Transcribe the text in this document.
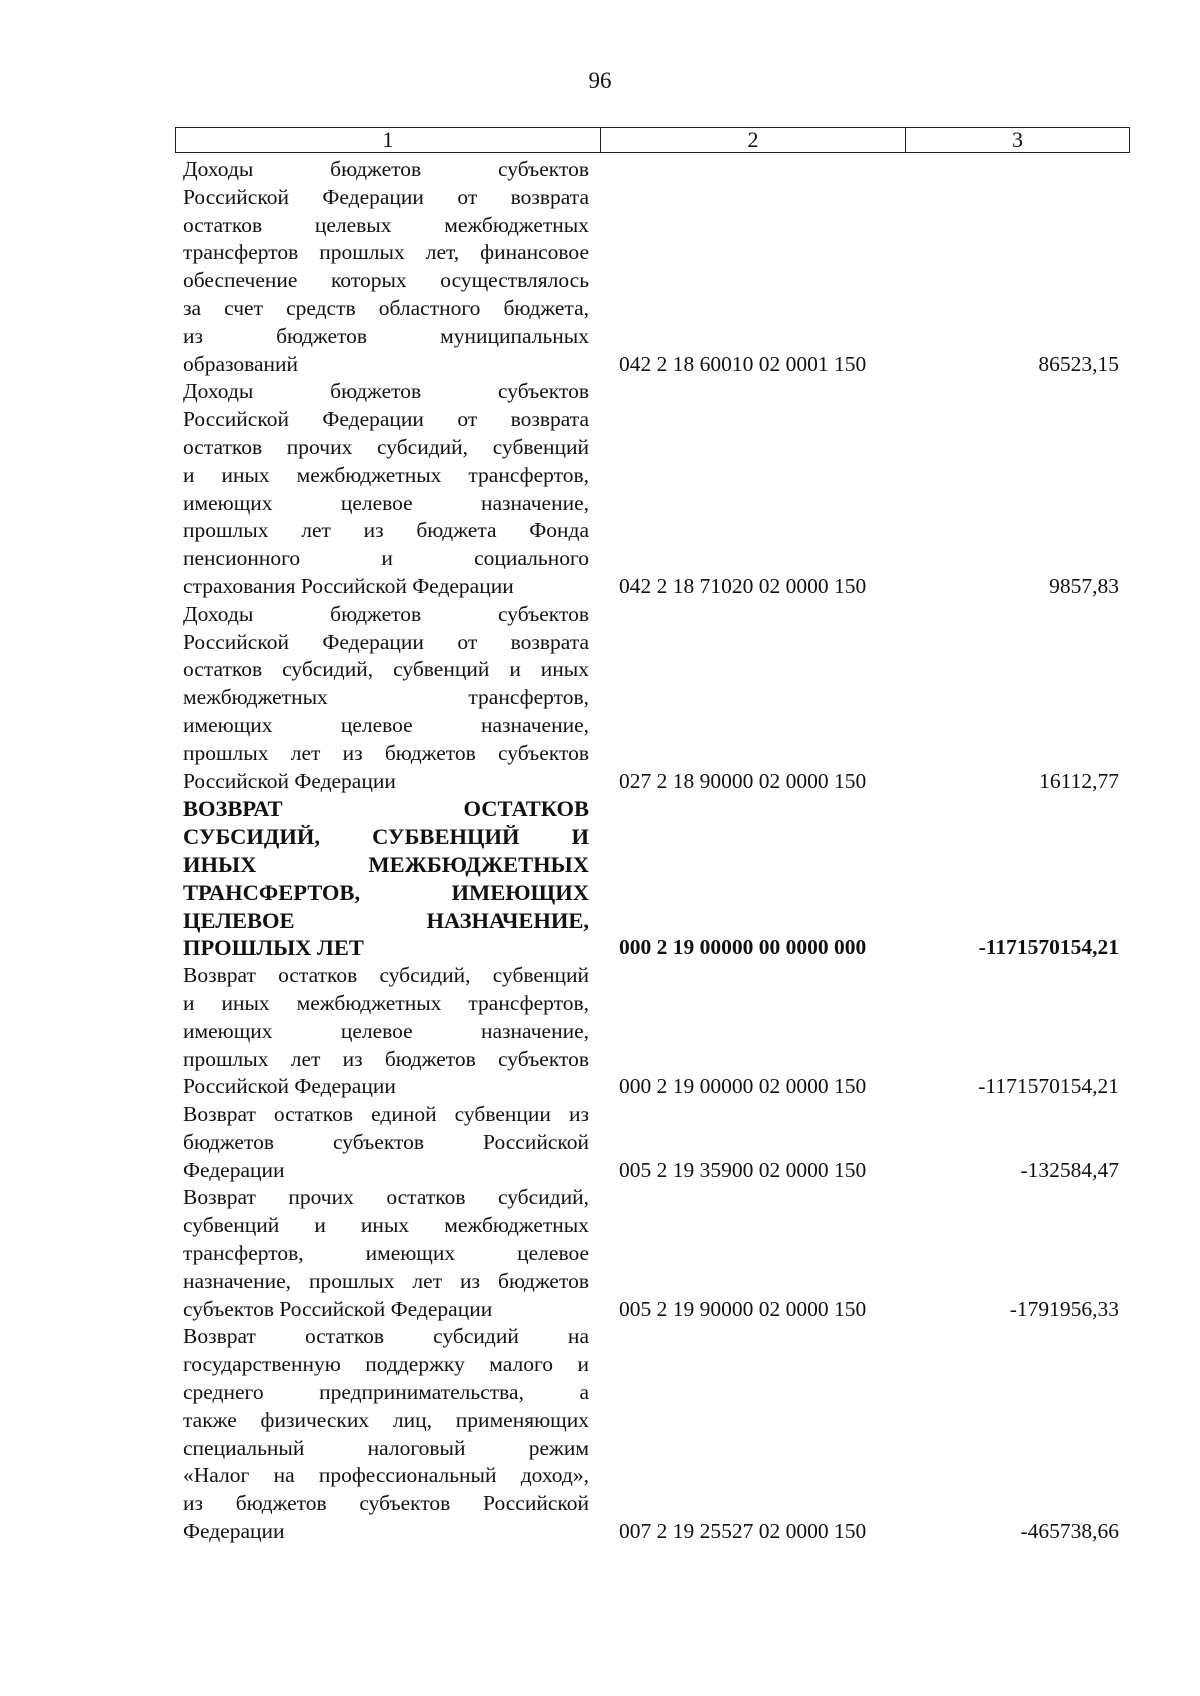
96
1	2	3
Доходы бюджетов субъектов
Российской Федерации от возврата
остатков целевых межбюджетных
трансфертов прошлых лет, финансовое
обеспечение которых осуществлялось
за счет средств областного бюджета,
из бюджетов муниципальных
образований	042 2 18 60010 02 0001 150	86523,15
Доходы бюджетов субъектов
Российской Федерации от возврата
остатков прочих субсидий, субвенций
и иных межбюджетных трансфертов,
имеющих целевое назначение,
прошлых лет из бюджета Фонда
пенсионного и социального
страхования Российской Федерации	042 2 18 71020 02 0000 150	9857,83
Доходы бюджетов субъектов
Российской Федерации от возврата
остатков субсидий, субвенций и иных
межбюджетных трансфертов,
имеющих целевое назначение,
прошлых лет из бюджетов субъектов
Российской Федерации	027 2 18 90000 02 0000 150	16112,77
ВОЗВРАТ ОСТАТКОВ
СУБСИДИЙ, СУБВЕНЦИЙ И
ИНЫХ МЕЖБЮДЖЕТНЫХ
ТРАНСФЕРТОВ, ИМЕЮЩИХ
ЦЕЛЕВОЕ НАЗНАЧЕНИЕ,
ПРОШЛЫХ ЛЕТ	000 2 19 00000 00 0000 000	-1171570154,21
Возврат остатков субсидий, субвенций
и иных межбюджетных трансфертов,
имеющих целевое назначение,
прошлых лет из бюджетов субъектов
Российской Федерации	000 2 19 00000 02 0000 150	-1171570154,21
Возврат остатков единой субвенции из
бюджетов субъектов Российской
Федерации	005 2 19 35900 02 0000 150	-132584,47
Возврат прочих остатков субсидий,
субвенций и иных межбюджетных
трансфертов, имеющих целевое
назначение, прошлых лет из бюджетов
субъектов Российской Федерации	005 2 19 90000 02 0000 150	-1791956,33
Возврат остатков субсидий на
государственную поддержку малого и
среднего предпринимательства, а
также физических лиц, применяющих
специальный налоговый режим
«Налог на профессиональный доход»,
из бюджетов субъектов Российской
Федерации	007 2 19 25527 02 0000 150	-465738,66
